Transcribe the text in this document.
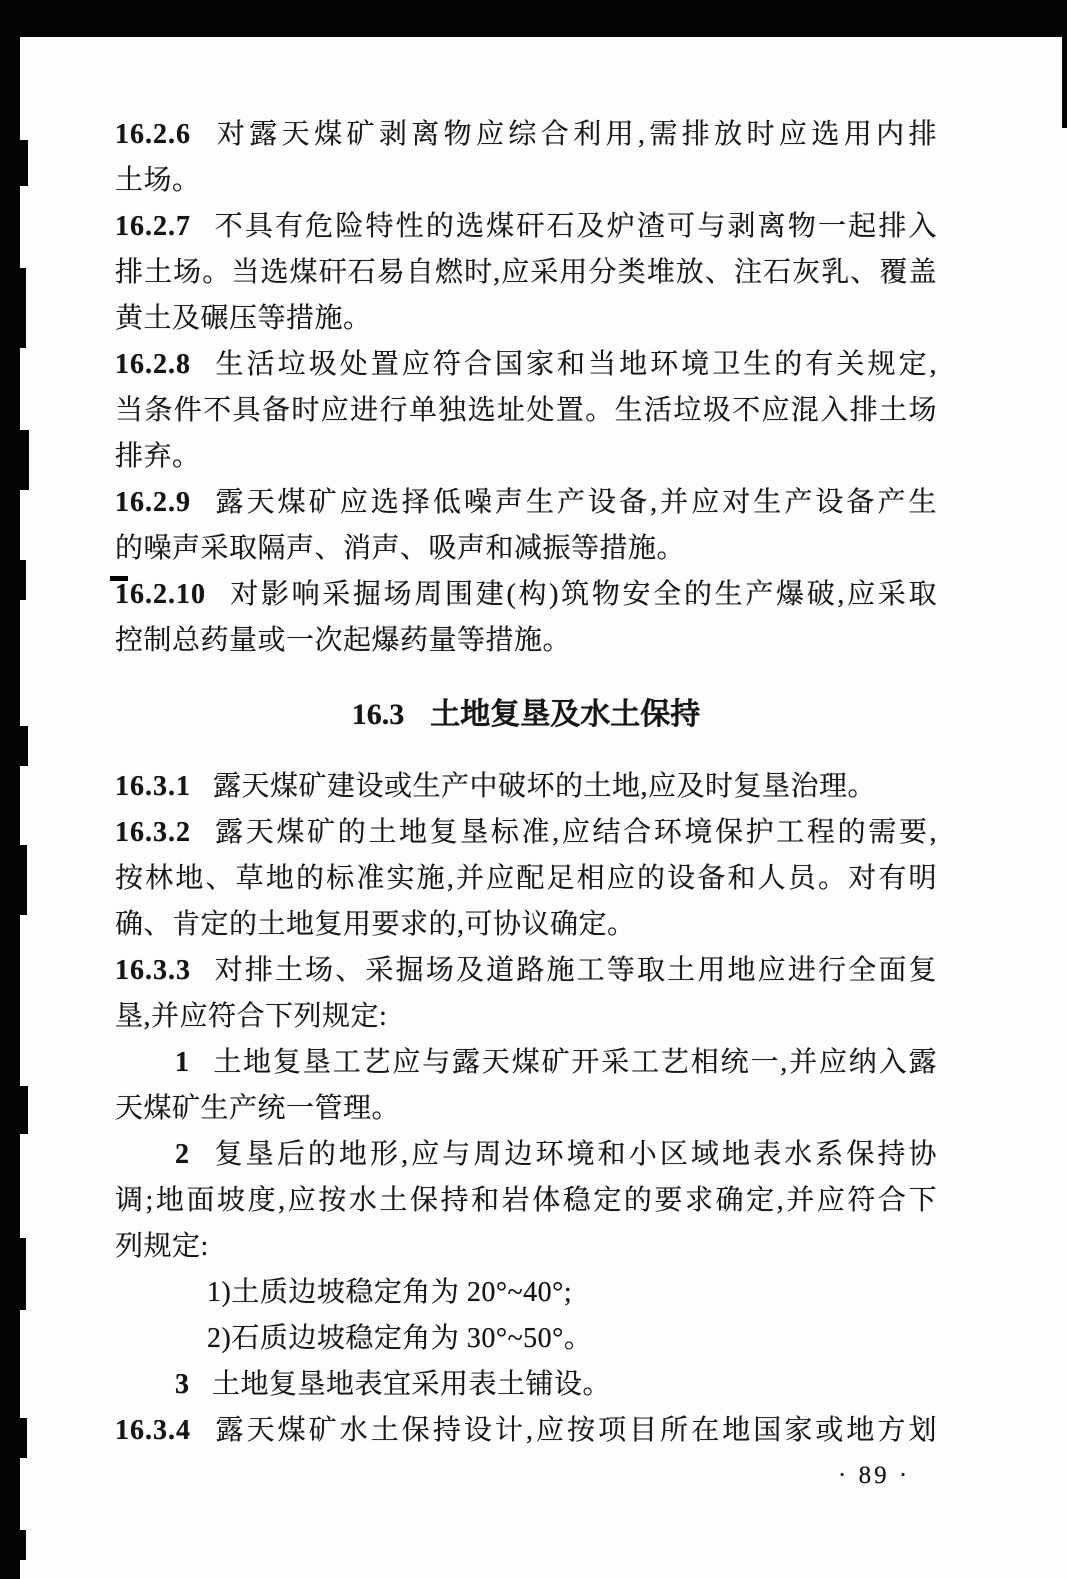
16.2.6 对露天煤矿剥离物应综合利用,需排放时应选用内排
土场。
16.2.7 不具有危险特性的选煤矸石及炉渣可与剥离物一起排入
排土场。当选煤矸石易自燃时,应采用分类堆放、注石灰乳、覆盖
黄土及碾压等措施。
16.2.8 生活垃圾处置应符合国家和当地环境卫生的有关规定,
当条件不具备时应进行单独选址处置。生活垃圾不应混入排土场
排弃。
16.2.9 露天煤矿应选择低噪声生产设备,并应对生产设备产生
的噪声采取隔声、消声、吸声和减振等措施。
16.2.10 对影响采掘场周围建(构)筑物安全的生产爆破,应采取
控制总药量或一次起爆药量等措施。
16.3 土地复垦及水土保持
16.3.1 露天煤矿建设或生产中破坏的土地,应及时复垦治理。
16.3.2 露天煤矿的土地复垦标准,应结合环境保护工程的需要,
按林地、草地的标准实施,并应配足相应的设备和人员。对有明
确、肯定的土地复用要求的,可协议确定。
16.3.3 对排土场、采掘场及道路施工等取土用地应进行全面复
垦,并应符合下列规定:
1 土地复垦工艺应与露天煤矿开采工艺相统一,并应纳入露
天煤矿生产统一管理。
2 复垦后的地形,应与周边环境和小区域地表水系保持协
调;地面坡度,应按水土保持和岩体稳定的要求确定,并应符合下
列规定:
1)土质边坡稳定角为 20°~40°;
2)石质边坡稳定角为 30°~50°。
3 土地复垦地表宜采用表土铺设。
16.3.4 露天煤矿水土保持设计,应按项目所在地国家或地方划
· 89 ·
